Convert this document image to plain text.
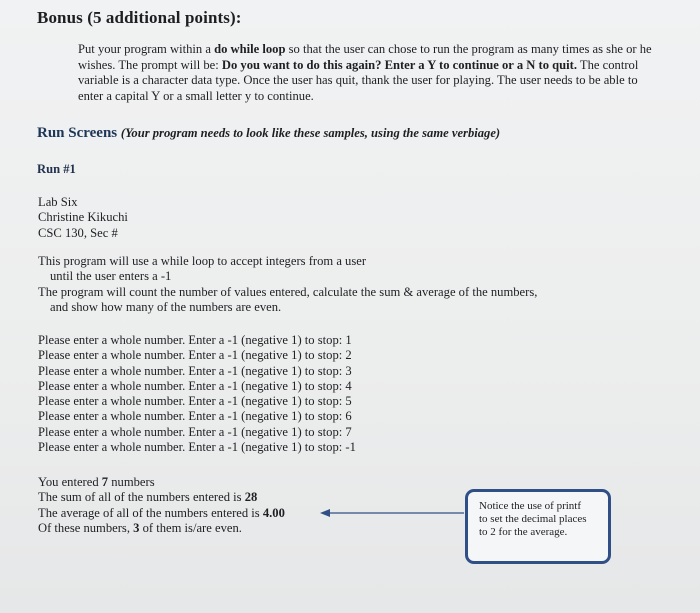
Bonus (5 additional points):
Put your program within a do while loop so that the user can chose to run the program as many times as she or he wishes. The prompt will be: Do you want to do this again? Enter a Y to continue or a N to quit. The control variable is a character data type. Once the user has quit, thank the user for playing. The user needs to be able to enter a capital Y or a small letter y to continue.
Run Screens (Your program needs to look like these samples, using the same verbiage)
Run #1
Lab Six
Christine Kikuchi
CSC 130, Sec #
This program will use a while loop to accept integers from a user
until the user enters a -1
The program will count the number of values entered, calculate the sum & average of the numbers,
and show how many of the numbers are even.
Please enter a whole number. Enter a -1 (negative 1) to stop: 1
Please enter a whole number. Enter a -1 (negative 1) to stop: 2
Please enter a whole number. Enter a -1 (negative 1) to stop: 3
Please enter a whole number. Enter a -1 (negative 1) to stop: 4
Please enter a whole number. Enter a -1 (negative 1) to stop: 5
Please enter a whole number. Enter a -1 (negative 1) to stop: 6
Please enter a whole number. Enter a -1 (negative 1) to stop: 7
Please enter a whole number. Enter a -1 (negative 1) to stop: -1
You entered 7 numbers
The sum of all of the numbers entered is 28
The average of all of the numbers entered is 4.00
Of these numbers, 3 of them is/are even.
Notice the use of printf
to set the decimal places
to 2 for the average.
